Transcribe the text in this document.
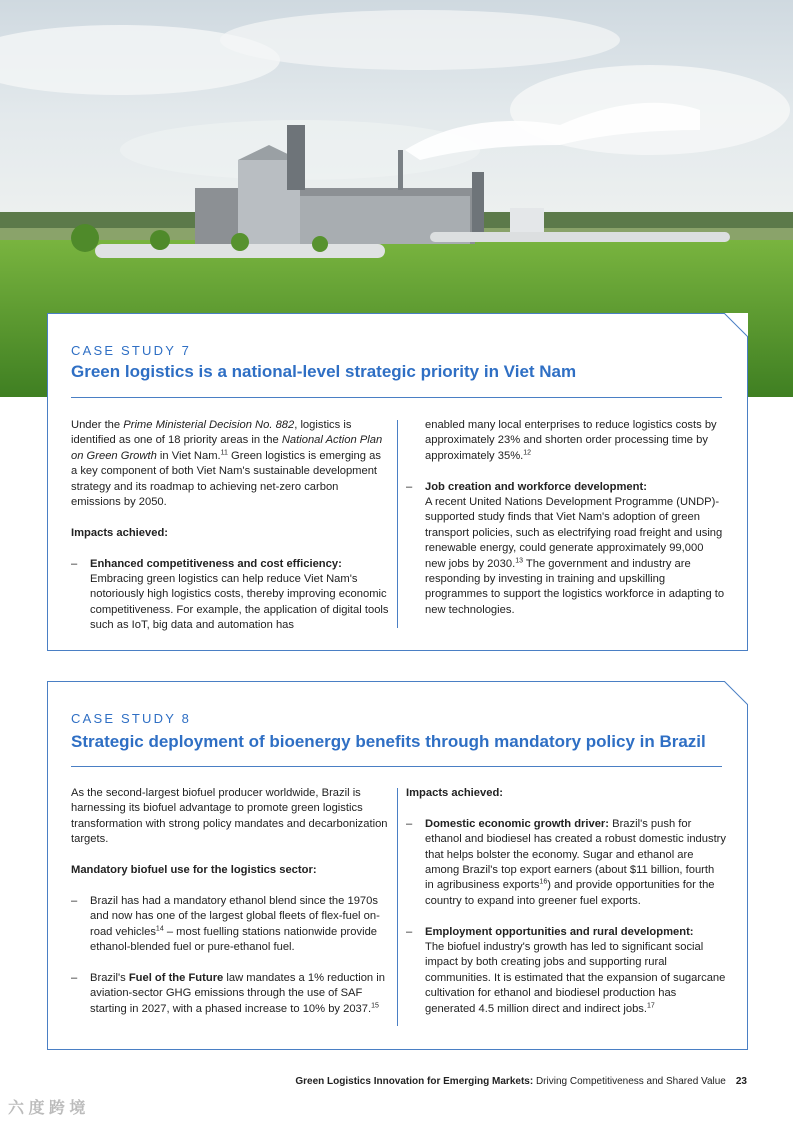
CASE STUDY 7
Green logistics is a national-level strategic priority in Viet Nam

Under the Prime Ministerial Decision No. 882, logistics is identified as one of 18 priority areas in the National Action Plan on Green Growth in Viet Nam.$^{11}$ Green logistics is emerging as a key component of both Viet Nam's sustainable development strategy and its roadmap to achieving net-zero carbon emissions by 2050.

Impacts achieved:

– Enhanced competitiveness and cost efficiency:
Embracing green logistics can help reduce Viet Nam's notoriously high logistics costs, thereby improving economic competitiveness. For example, the application of digital tools such as IoT, big data and automation has

enabled many local enterprises to reduce logistics costs by approximately 23% and shorten order processing time by approximately 35%.$^{12}$

– Job creation and workforce development:
A recent United Nations Development Programme (UNDP)-supported study finds that Viet Nam's adoption of green transport policies, such as electrifying road freight and using renewable energy, could generate approximately 99,000 new jobs by 2030.13 The government and industry are responding by investing in training and upskilling programmes to support the logistics workforce in adapting to new technologies.
CASE STUDY 8
Strategic deployment of bioenergy benefits through mandatory policy in Brazil

As the second-largest biofuel producer worldwide, Brazil is harnessing its biofuel advantage to promote green logistics transformation with strong policy mandates and decarbonization targets.

Mandatory biofuel use for the logistics sector:

– Brazil has had a mandatory ethanol blend since the 1970s and now has one of the largest global fleets of flex-fuel on-road vehicles$^{14}$ – most fuelling stations nationwide provide ethanol-blended fuel or pure-ethanol fuel.
– Brazil's Fuel of the Future law mandates a 1% reduction in aviation-sector GHG emissions through the use of SAF starting in 2027, with a phased increase to 10% by 2037.15

Impacts achieved:

– Domestic economic growth driver: Brazil's push for ethanol and biodiesel has created a robust domestic industry that helps bolster the economy. Sugar and ethanol are among Brazil's top export earners (about $11 billion, fourth in agribusiness exports$^{16}$) and provide opportunities for the country to expand into greener fuel exports.
– Employment opportunities and rural development:
The biofuel industry's growth has led to significant social impact by both creating jobs and supporting rural communities. It is estimated that the expansion of sugarcane cultivation for ethanol and biodiesel production has generated 4.5 million direct and indirect jobs.$^{17}$
Green Logistics Innovation for Emerging Markets: Driving Competitiveness and Shared Value 23
六 度 跨 境
